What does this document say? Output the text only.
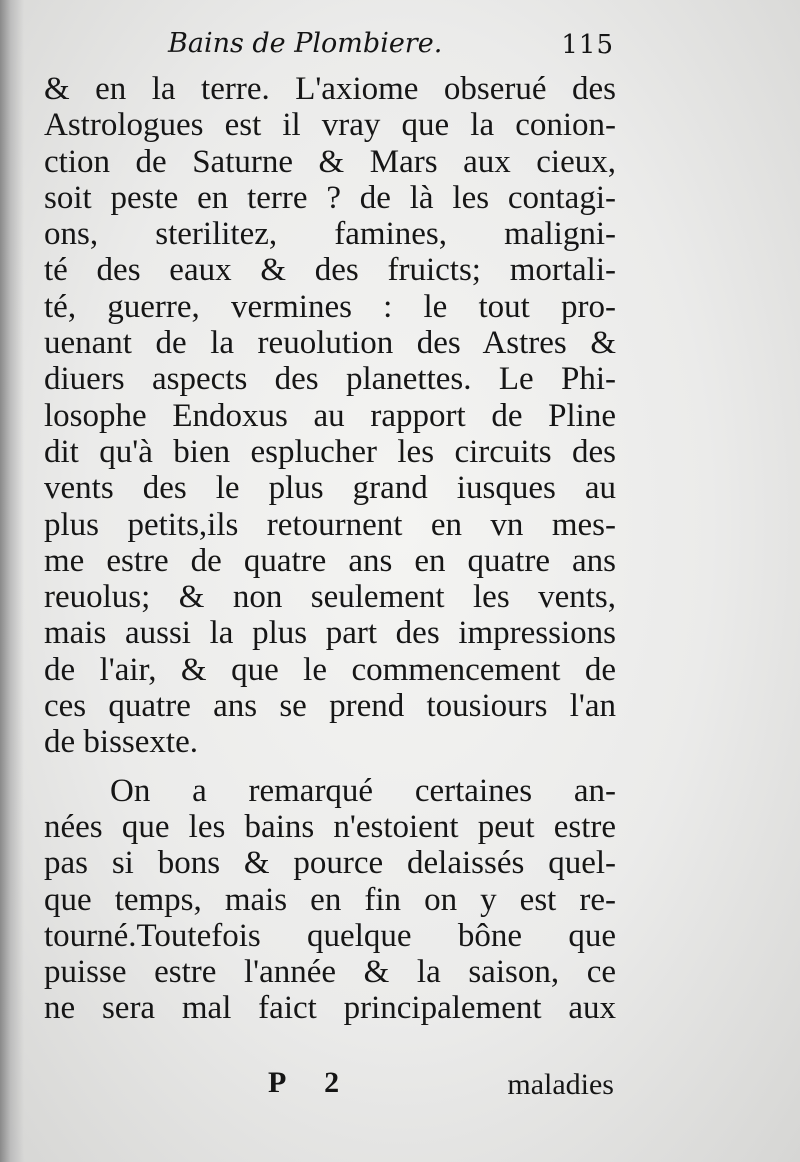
Bains de Plombiere.	115
& en la terre. L'axiome obserué des
Astrologues est il vray que la conion-
ction de Saturne & Mars aux cieux,
soit peste en terre ? de là les contagi-
ons, sterilitez, famines, maligni-
té des eaux & des fruicts; mortali-
té, guerre, vermines : le tout pro-
uenant de la reuolution des Astres &
diuers aspects des planettes. Le Phi-
losophe Endoxus au rapport de Pline
dit qu'à bien esplucher les circuits des
vents des le plus grand iusques au
plus petits,ils retournent en vn mes-
me estre de quatre ans en quatre ans
reuolus; & non seulement les vents,
mais aussi la plus part des impressions
de l'air, & que le commencement de
ces quatre ans se prend tousiours l'an
de bissexte.
On a remarqué certaines an-
nées que les bains n'estoient peut estre
pas si bons & pource delaissés quel-
que temps, mais en fin on y est re-
tourné.Toutefois quelque bône que
puisse estre l'année & la saison, ce
ne sera mal faict principalement aux
P 2	maladies
